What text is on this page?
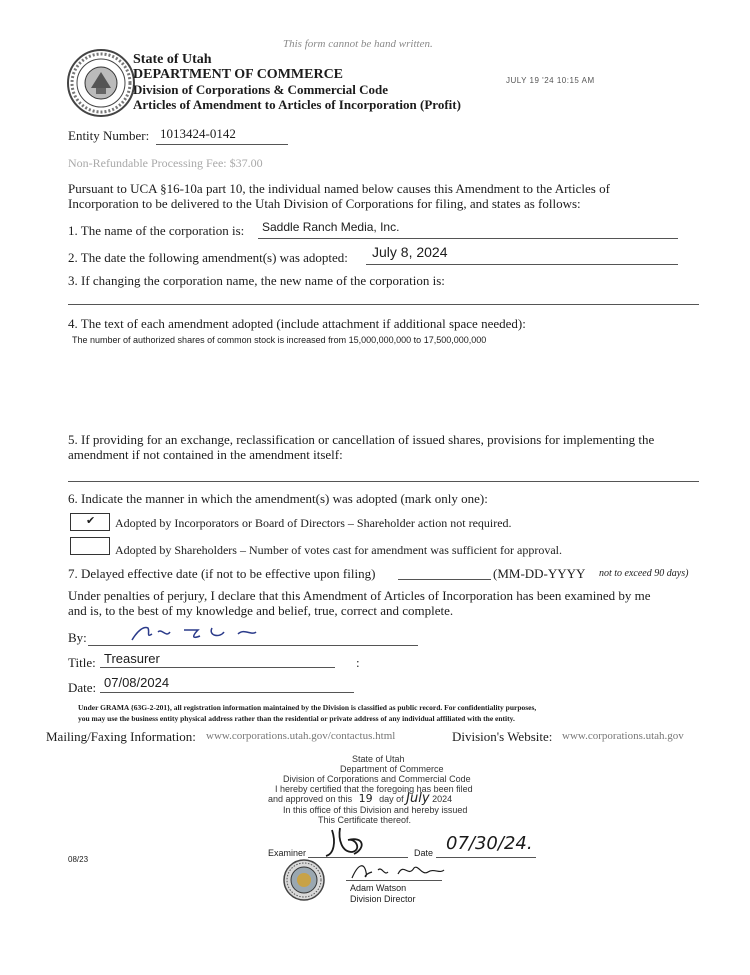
This form cannot be hand written.
State of Utah
DEPARTMENT OF COMMERCE
Division of Corporations & Commercial Code
Articles of Amendment to Articles of Incorporation (Profit)
JULY 19 '24 10:15 AM
Entity Number: 1013424-0142
Non-Refundable Processing Fee: $37.00
Pursuant to UCA §16-10a part 10, the individual named below causes this Amendment to the Articles of
Incorporation to be delivered to the Utah Division of Corporations for filing, and states as follows:
1. The name of the corporation is: Saddle Ranch Media, Inc.
2. The date the following amendment(s) was adopted: July 8, 2024
3. If changing the corporation name, the new name of the corporation is:
4. The text of each amendment adopted (include attachment if additional space needed):
The number of authorized shares of common stock is increased from 15,000,000,000 to 17,500,000,000
5. If providing for an exchange, reclassification or cancellation of issued shares, provisions for implementing the
amendment if not contained in the amendment itself:
6. Indicate the manner in which the amendment(s) was adopted (mark only one):
✔ Adopted by Incorporators or Board of Directors – Shareholder action not required.
Adopted by Shareholders – Number of votes cast for amendment was sufficient for approval.
7. Delayed effective date (if not to be effective upon filing)	(MM-DD-YYYY not to exceed 90 days)
Under penalties of perjury, I declare that this Amendment of Articles of Incorporation has been examined by me
and is, to the best of my knowledge and belief, true, correct and complete.
By:
Title: Treasurer	:
Date: 07/08/2024
Under GRAMA {63G-2-201}, all registration information maintained by the Division is classified as public record. For confidentiality purposes,
you may use the business entity physical address rather than the residential or private address of any individual affiliated with the entity.
Mailing/Faxing Information: www.corporations.utah.gov/contactus.html	Division's Website: www.corporations.utah.gov
State of Utah
Department of Commerce
Division of Corporations and Commercial Code
I hereby certified that the foregoing has been filed
and approved on this 19 day of July 2024
In this office of this Division and hereby issued
This Certificate thereof.
Examiner	Date 07/30/24.
Adam Watson
Division Director
08/23
